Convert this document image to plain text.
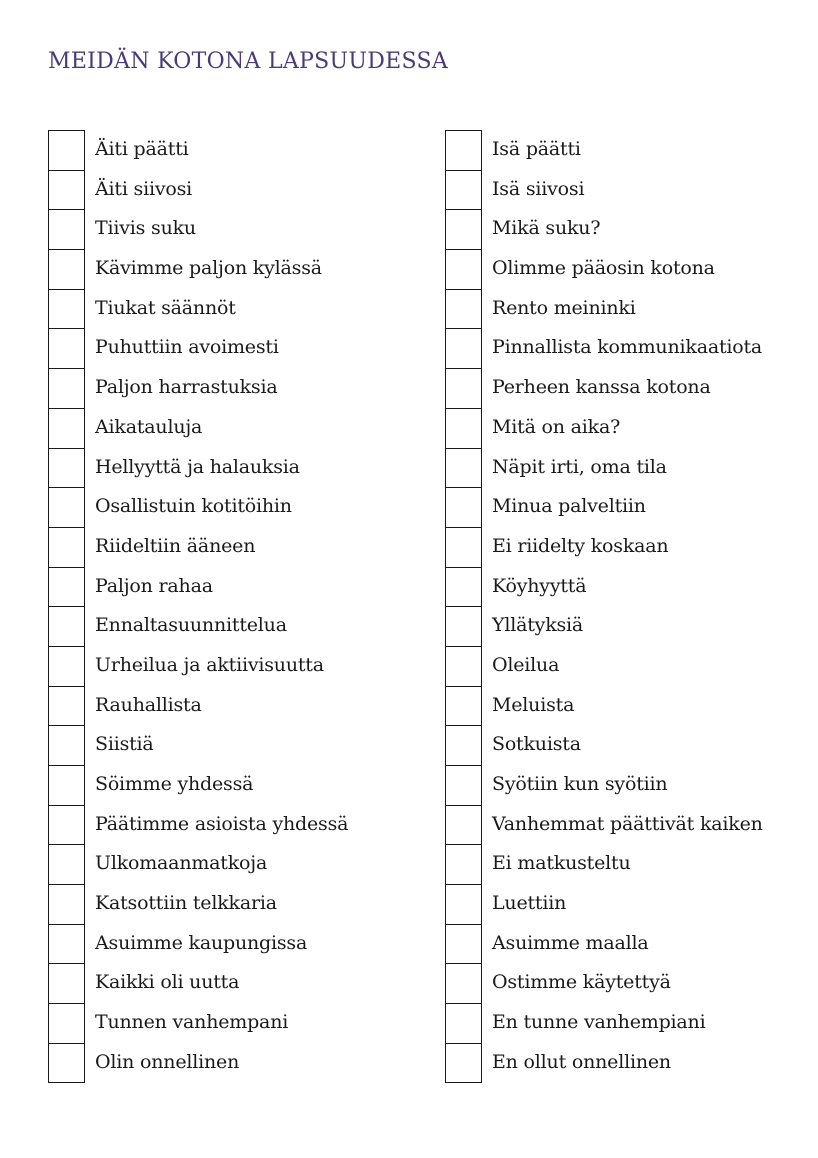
MEIDÄN KOTONA LAPSUUDESSA
Äiti päätti
Äiti siivosi
Tiivis suku
Kävimme paljon kylässä
Tiukat säännöt
Puhuttiin avoimesti
Paljon harrastuksia
Aikatauluja
Hellyyttä ja halauksia
Osallistuin kotitöihin
Riideltiin ääneen
Paljon rahaa
Ennaltasuunnittelua
Urheilua ja aktiivisuutta
Rauhallista
Siistiä
Söimme yhdessä
Päätimme asioista yhdessä
Ulkomaanmatkoja
Katsottiin telkkaria
Asuimme kaupungissa
Kaikki oli uutta
Tunnen vanhempani
Olin onnellinen
Isä päätti
Isä siivosi
Mikä suku?
Olimme pääosin kotona
Rento meininki
Pinnallista kommunikaatiota
Perheen kanssa kotona
Mitä on aika?
Näpit irti, oma tila
Minua palveltiin
Ei riidelty koskaan
Köyhyyttä
Yllätyksiä
Oleilua
Meluista
Sotkuista
Syötiin kun syötiin
Vanhemmat päättivät kaiken
Ei matkusteltu
Luettiin
Asuimme maalla
Ostimme käytettyä
En tunne vanhempiani
En ollut onnellinen
